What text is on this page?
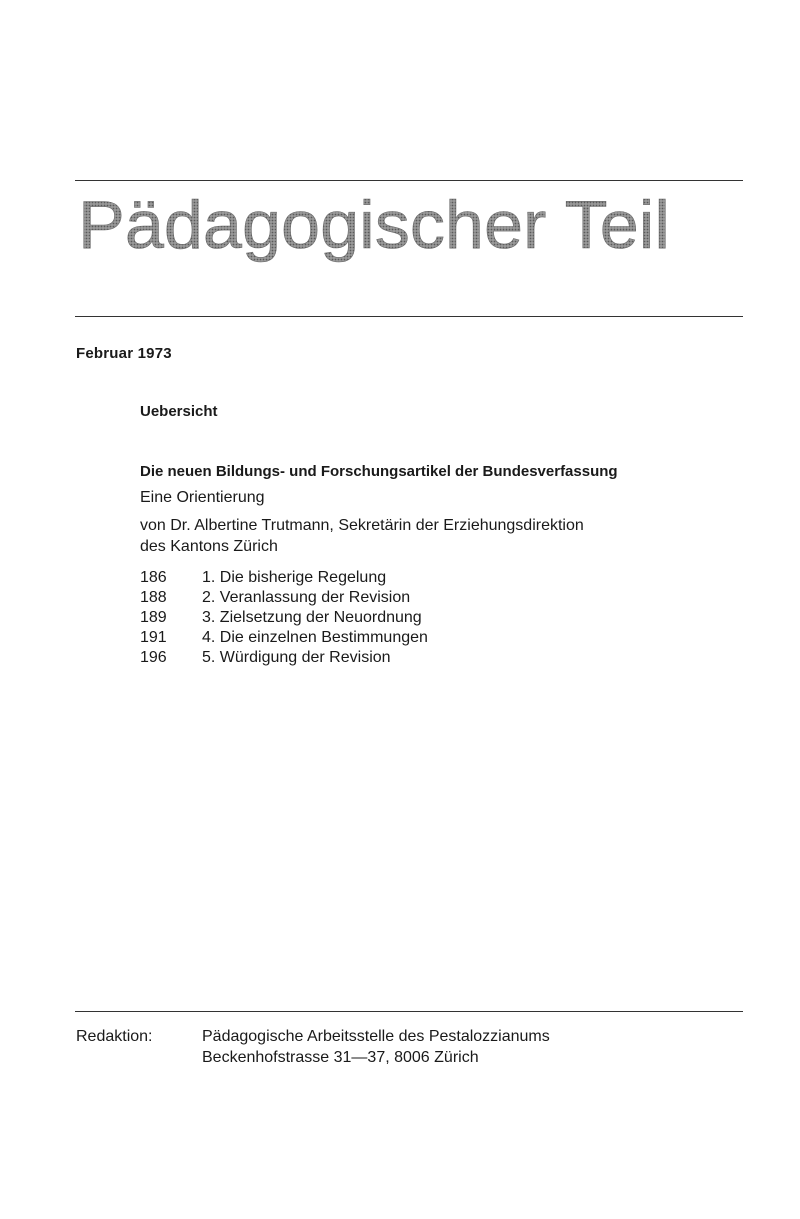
Pädagogischer Teil
Februar 1973
Uebersicht
Die neuen Bildungs- und Forschungsartikel der Bundesverfassung
Eine Orientierung
von Dr. Albertine Trutmann, Sekretärin der Erziehungsdirektion
des Kantons Zürich
186	1. Die bisherige Regelung
188	2. Veranlassung der Revision
189	3. Zielsetzung der Neuordnung
191	4. Die einzelnen Bestimmungen
196	5. Würdigung der Revision
Redaktion:	Pädagogische Arbeitsstelle des Pestalozzianums
Beckenhofstrasse 31—37, 8006 Zürich
